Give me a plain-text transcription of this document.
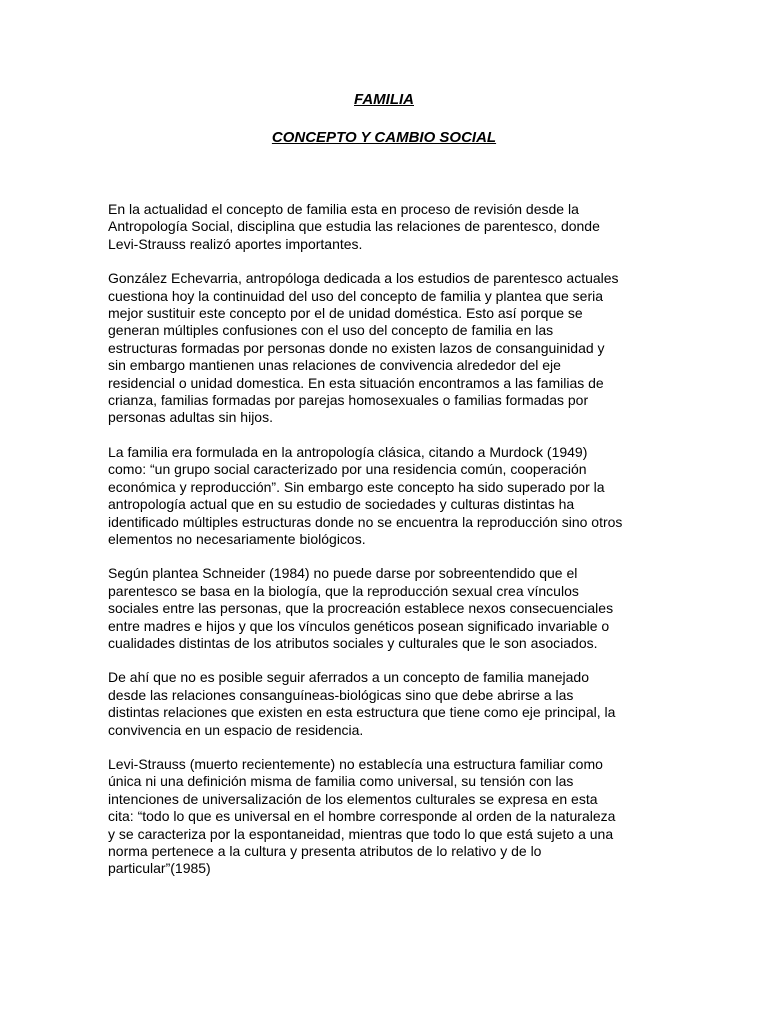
FAMILIA
CONCEPTO Y CAMBIO SOCIAL

En la actualidad el concepto de familia esta en proceso de revisión desde la
Antropología Social, disciplina que estudia las relaciones de parentesco, donde
Levi-Strauss realizó aportes importantes.

González Echevarria, antropóloga dedicada a los estudios de parentesco actuales
cuestiona hoy la continuidad del uso del concepto de familia y plantea que seria
mejor sustituir este concepto por el de unidad doméstica. Esto así porque se
generan múltiples confusiones con el uso del concepto de familia en las
estructuras formadas por personas donde no existen lazos de consanguinidad y
sin embargo mantienen unas relaciones de convivencia alrededor del eje
residencial o unidad domestica. En esta situación encontramos a las familias de
crianza, familias formadas por parejas homosexuales o familias formadas por
personas adultas sin hijos.

La familia era formulada en la antropología clásica, citando a Murdock (1949)
como: “un grupo social caracterizado por una residencia común, cooperación
económica y reproducción”. Sin embargo este concepto ha sido superado por la
antropología actual que en su estudio de sociedades y culturas distintas ha
identificado múltiples estructuras donde no se encuentra la reproducción sino otros
elementos no necesariamente biológicos.

Según plantea Schneider (1984) no puede darse por sobreentendido que el
parentesco se basa en la biología, que la reproducción sexual crea vínculos
sociales entre las personas, que la procreación establece nexos consecuenciales
entre madres e hijos y que los vínculos genéticos posean significado invariable o
cualidades distintas de los atributos sociales y culturales que le son asociados.

De ahí que no es posible seguir aferrados a un concepto de familia manejado
desde las relaciones consanguíneas-biológicas sino que debe abrirse a las
distintas relaciones que existen en esta estructura que tiene como eje principal, la
convivencia en un espacio de residencia.

Levi-Strauss (muerto recientemente) no establecía una estructura familiar como
única ni una definición misma de familia como universal, su tensión con las
intenciones de universalización de los elementos culturales se expresa en esta
cita: “todo lo que es universal en el hombre corresponde al orden de la naturaleza
y se caracteriza por la espontaneidad, mientras que todo lo que está sujeto a una
norma pertenece a la cultura y presenta atributos de lo relativo y de lo
particular”(1985)
